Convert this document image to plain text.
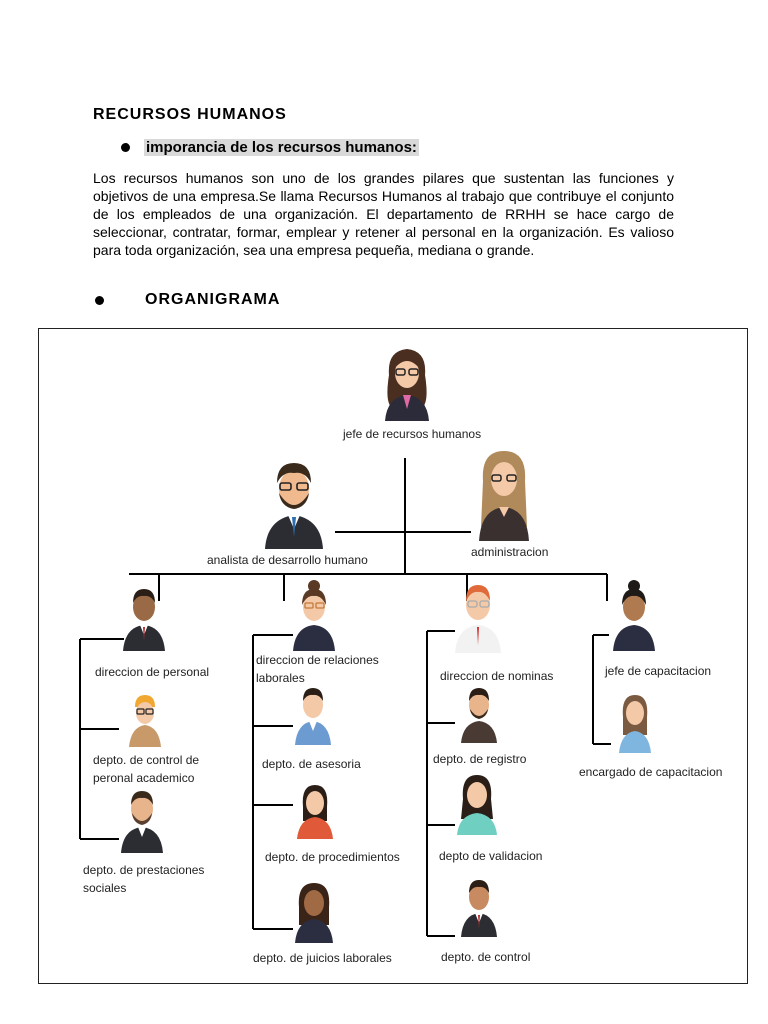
RECURSOS HUMANOS
imporancia de los recursos humanos:
Los recursos humanos son uno de los grandes pilares que sustentan las funciones y objetivos de una empresa.Se llama Recursos Humanos al trabajo que contribuye el conjunto de los empleados de una organización. El departamento de RRHH se hace cargo de seleccionar, contratar, formar, emplear y retener al personal en la organización. Es valioso para toda organización, sea una empresa pequeña, mediana o grande.
ORGANIGRAMA
jefe de recursos humanos
analista de desarrollo humano
administracion
direccion de personal
depto. de control de peronal academico
depto. de prestaciones sociales
direccion de relaciones laborales
depto. de asesoria
depto. de procedimientos
depto. de juicios laborales
direccion de nominas
depto. de registro
depto de validacion
depto. de control
jefe de capacitacion
encargado de capacitacion
